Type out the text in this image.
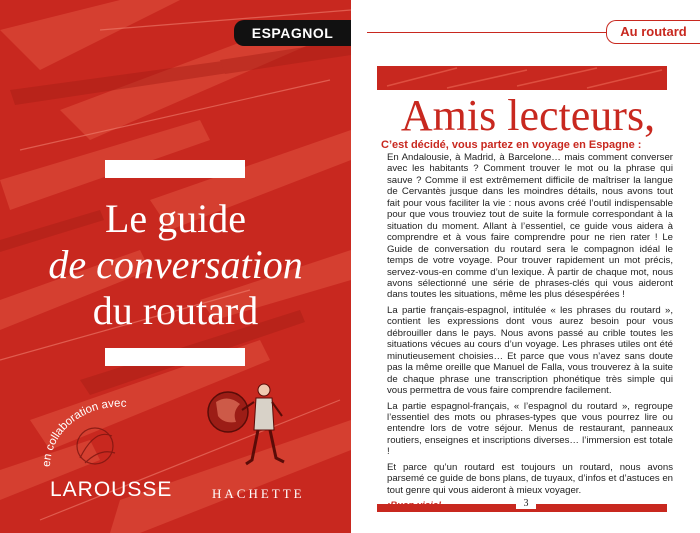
ESPAGNOL
Le guide
de conversation
du routard
en collaboration avec
LAROUSSE	HACHETTE
Au routard
Amis lecteurs,
C’est décidé, vous partez en voyage en Espagne :

En Andalousie, à Madrid, à Barcelone… mais comment converser avec les habitants ? Comment trouver le mot ou la phrase qui sauve ? Comme il est extrêmement difficile de maîtriser la langue de Cervantès jusque dans les moindres détails, nous avons tout fait pour vous faciliter la vie : nous avons créé l’outil indispensable pour que vous trouviez tout de suite la formule correspondant à la situation du moment. Allant à l’essentiel, ce guide vous aidera à comprendre et à vous faire comprendre pour ne rien rater ! Le Guide de conversation du routard sera le compagnon idéal le temps de votre voyage. Pour trouver rapidement un mot précis, servez-vous-en comme d’un lexique. À partir de chaque mot, nous avons sélectionné une série de phrases-clés qui vous aideront dans toutes les situations, même les plus désespérées !

La partie français-espagnol, intitulée « les phrases du routard », contient les expressions dont vous aurez besoin pour vous débrouiller dans le pays. Nous avons passé au crible toutes les situations vécues au cours d’un voyage. Les phrases utiles ont été minutieusement choisies… Et parce que vous n’avez sans doute pas la même oreille que Manuel de Falla, vous trouverez à la suite de chaque phrase une transcription phonétique très simple qui vous permettra de vous faire comprendre facilement.

La partie espagnol-français, « l’espagnol du routard », regroupe l’essentiel des mots ou phrases-types que vous pourrez lire ou entendre lors de votre séjour. Menus de restaurant, panneaux routiers, enseignes et inscriptions diverses… l’immersion est totale !

Et parce qu’un routard est toujours un routard, nous avons parsemé ce guide de bons plans, de tuyaux, d’infos et d’astuces en tout genre qui vous aideront à mieux voyager.

3
